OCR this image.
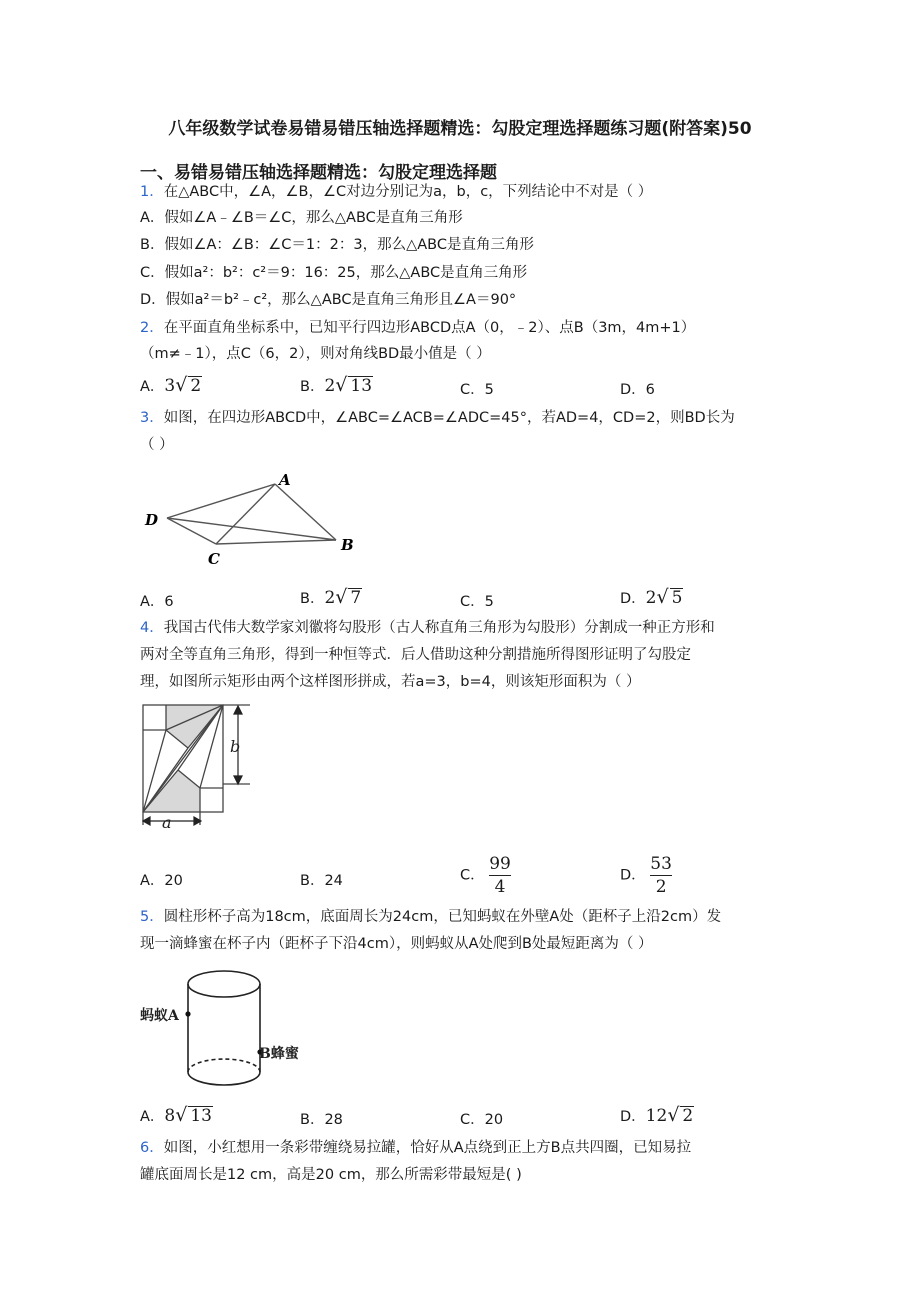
八年级数学试卷易错易错压轴选择题精选：勾股定理选择题练习题(附答案)50
一、易错易错压轴选择题精选：勾股定理选择题
1．在△ABC中，∠A，∠B，∠C对边分别记为a，b，c，下列结论中不对是（ ）
A．假如∠A﹣∠B＝∠C，那么△ABC是直角三角形
B．假如∠A：∠B：∠C＝1：2：3，那么△ABC是直角三角形
C．假如a²：b²：c²＝9：16：25，那么△ABC是直角三角形
D．假如a²＝b²﹣c²，那么△ABC是直角三角形且∠A＝90°
2．在平面直角坐标系中，已知平行四边形ABCD点A（0，﹣2）、点B（3m，4m+1）
（m≠﹣1），点C（6，2），则对角线BD最小值是（ ）
A．3√ 2	B．2√ 13	C．5	D．6
3．如图，在四边形ABCD中，∠ABC=∠ACB=∠ADC=45°，若AD=4，CD=2，则BD长为
（ ）
A
D
C
B
A．6	B．2√ 7	C．5	D．2√ 5
4．我国古代伟大数学家刘徽将勾股形（古人称直角三角形为勾股形）分割成一种正方形和
两对全等直角三角形，得到一种恒等式．后人借助这种分割措施所得图形证明了勾股定
理，如图所示矩形由两个这样图形拼成，若a=3，b=4，则该矩形面积为（ ）
b
a
A．20	B．24	C． $\frac{99}{4}$	D． $\frac{53}{2}$
5．圆柱形杯子高为18cm，底面周长为24cm，已知蚂蚁在外壁A处（距杯子上沿2cm）发
现一滴蜂蜜在杯子内（距杯子下沿4cm），则蚂蚁从A处爬到B处最短距离为（ ）
蚂蚁A
B蜂蜜
A．8√ 13	B．28	C．20	D．12√ 2
6．如图，小红想用一条彩带缠绕易拉罐，恰好从A点绕到正上方B点共四圈，已知易拉
罐底面周长是12 cm，高是20 cm，那么所需彩带最短是( )
